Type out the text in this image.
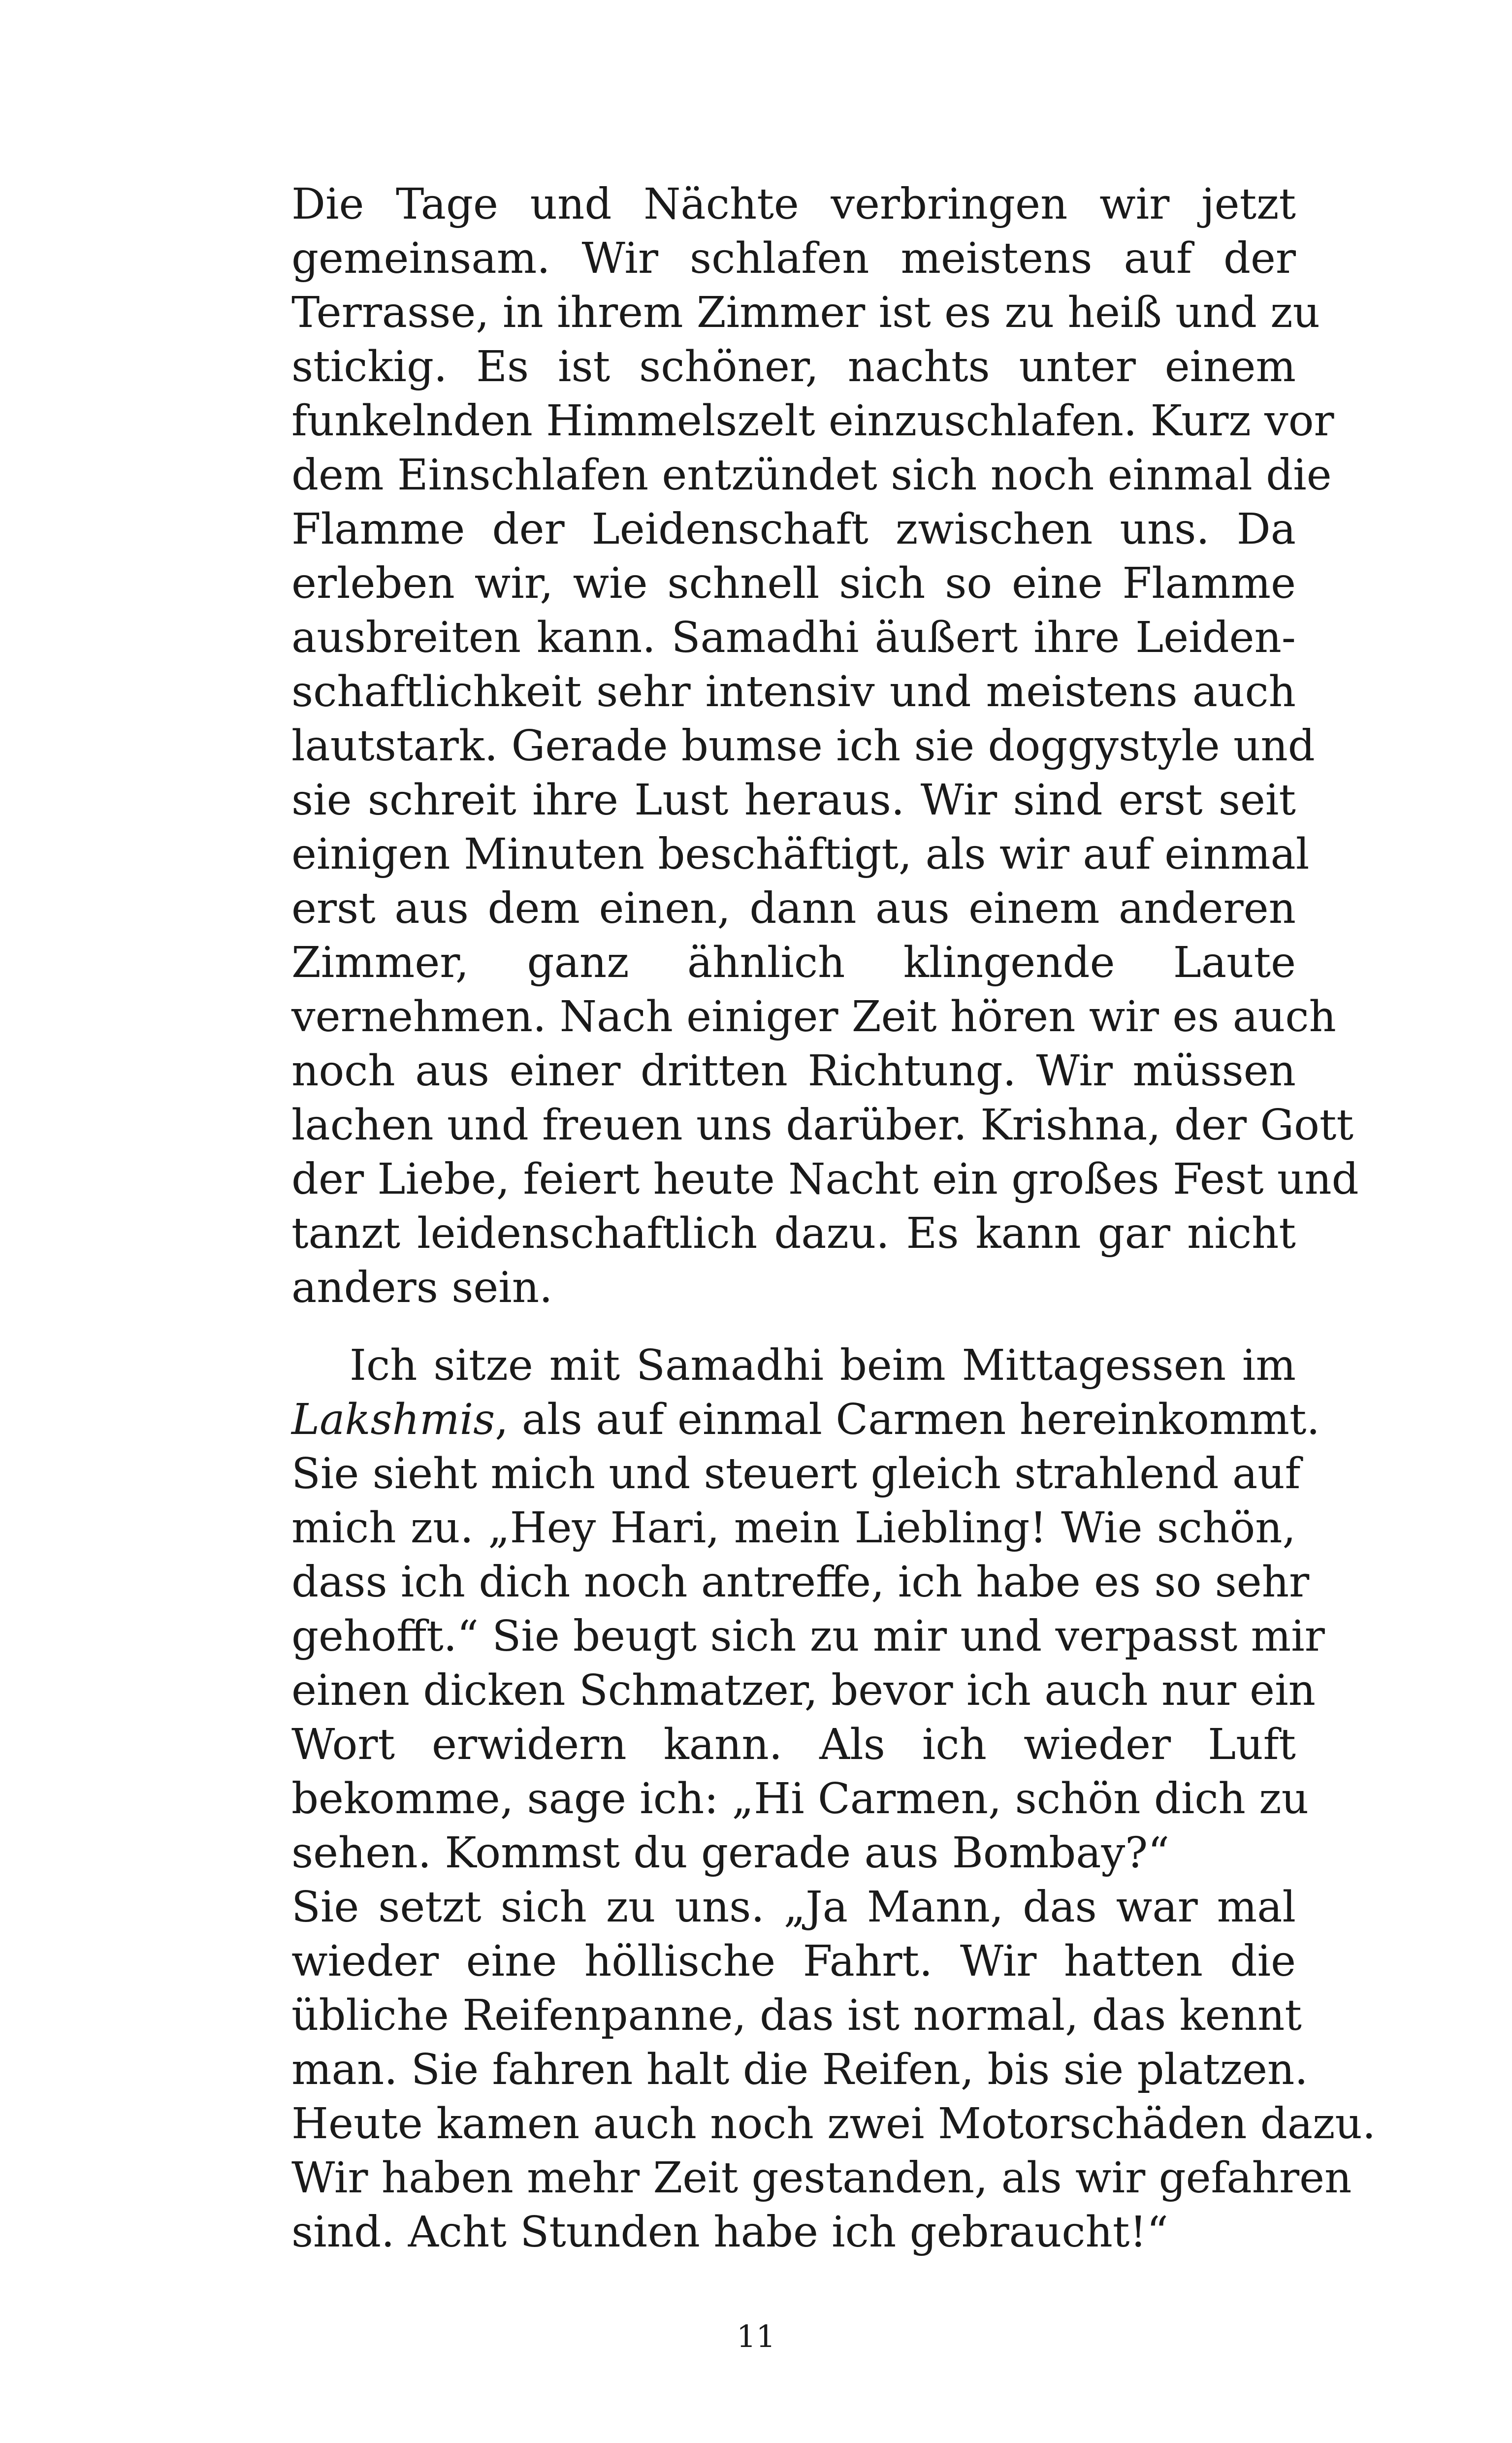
Die Tage und Nächte verbringen wir jetzt
gemeinsam. Wir schlafen meistens auf der
Terrasse, in ihrem Zimmer ist es zu heiß und zu
stickig. Es ist schöner, nachts unter einem
funkelnden Himmelszelt einzuschlafen. Kurz vor
dem Einschlafen entzündet sich noch einmal die
Flamme der Leidenschaft zwischen uns. Da
erleben wir, wie schnell sich so eine Flamme
ausbreiten kann. Samadhi äußert ihre Leiden-
schaftlichkeit sehr intensiv und meistens auch
lautstark. Gerade bumse ich sie doggystyle und
sie schreit ihre Lust heraus. Wir sind erst seit
einigen Minuten beschäftigt, als wir auf einmal
erst aus dem einen, dann aus einem anderen
Zimmer, ganz ähnlich klingende Laute
vernehmen. Nach einiger Zeit hören wir es auch
noch aus einer dritten Richtung. Wir müssen
lachen und freuen uns darüber. Krishna, der Gott
der Liebe, feiert heute Nacht ein großes Fest und
tanzt leidenschaftlich dazu. Es kann gar nicht
anders sein.
Ich sitze mit Samadhi beim Mittagessen im
Lakshmis, als auf einmal Carmen hereinkommt.
Sie sieht mich und steuert gleich strahlend auf
mich zu. „Hey Hari, mein Liebling! Wie schön,
dass ich dich noch antreffe, ich habe es so sehr
gehofft.“ Sie beugt sich zu mir und verpasst mir
einen dicken Schmatzer, bevor ich auch nur ein
Wort erwidern kann. Als ich wieder Luft
bekomme, sage ich: „Hi Carmen, schön dich zu
sehen. Kommst du gerade aus Bombay?“
Sie setzt sich zu uns. „Ja Mann, das war mal
wieder eine höllische Fahrt. Wir hatten die
übliche Reifenpanne, das ist normal, das kennt
man. Sie fahren halt die Reifen, bis sie platzen.
Heute kamen auch noch zwei Motorschäden dazu.
Wir haben mehr Zeit gestanden, als wir gefahren
sind. Acht Stunden habe ich gebraucht!“
11
